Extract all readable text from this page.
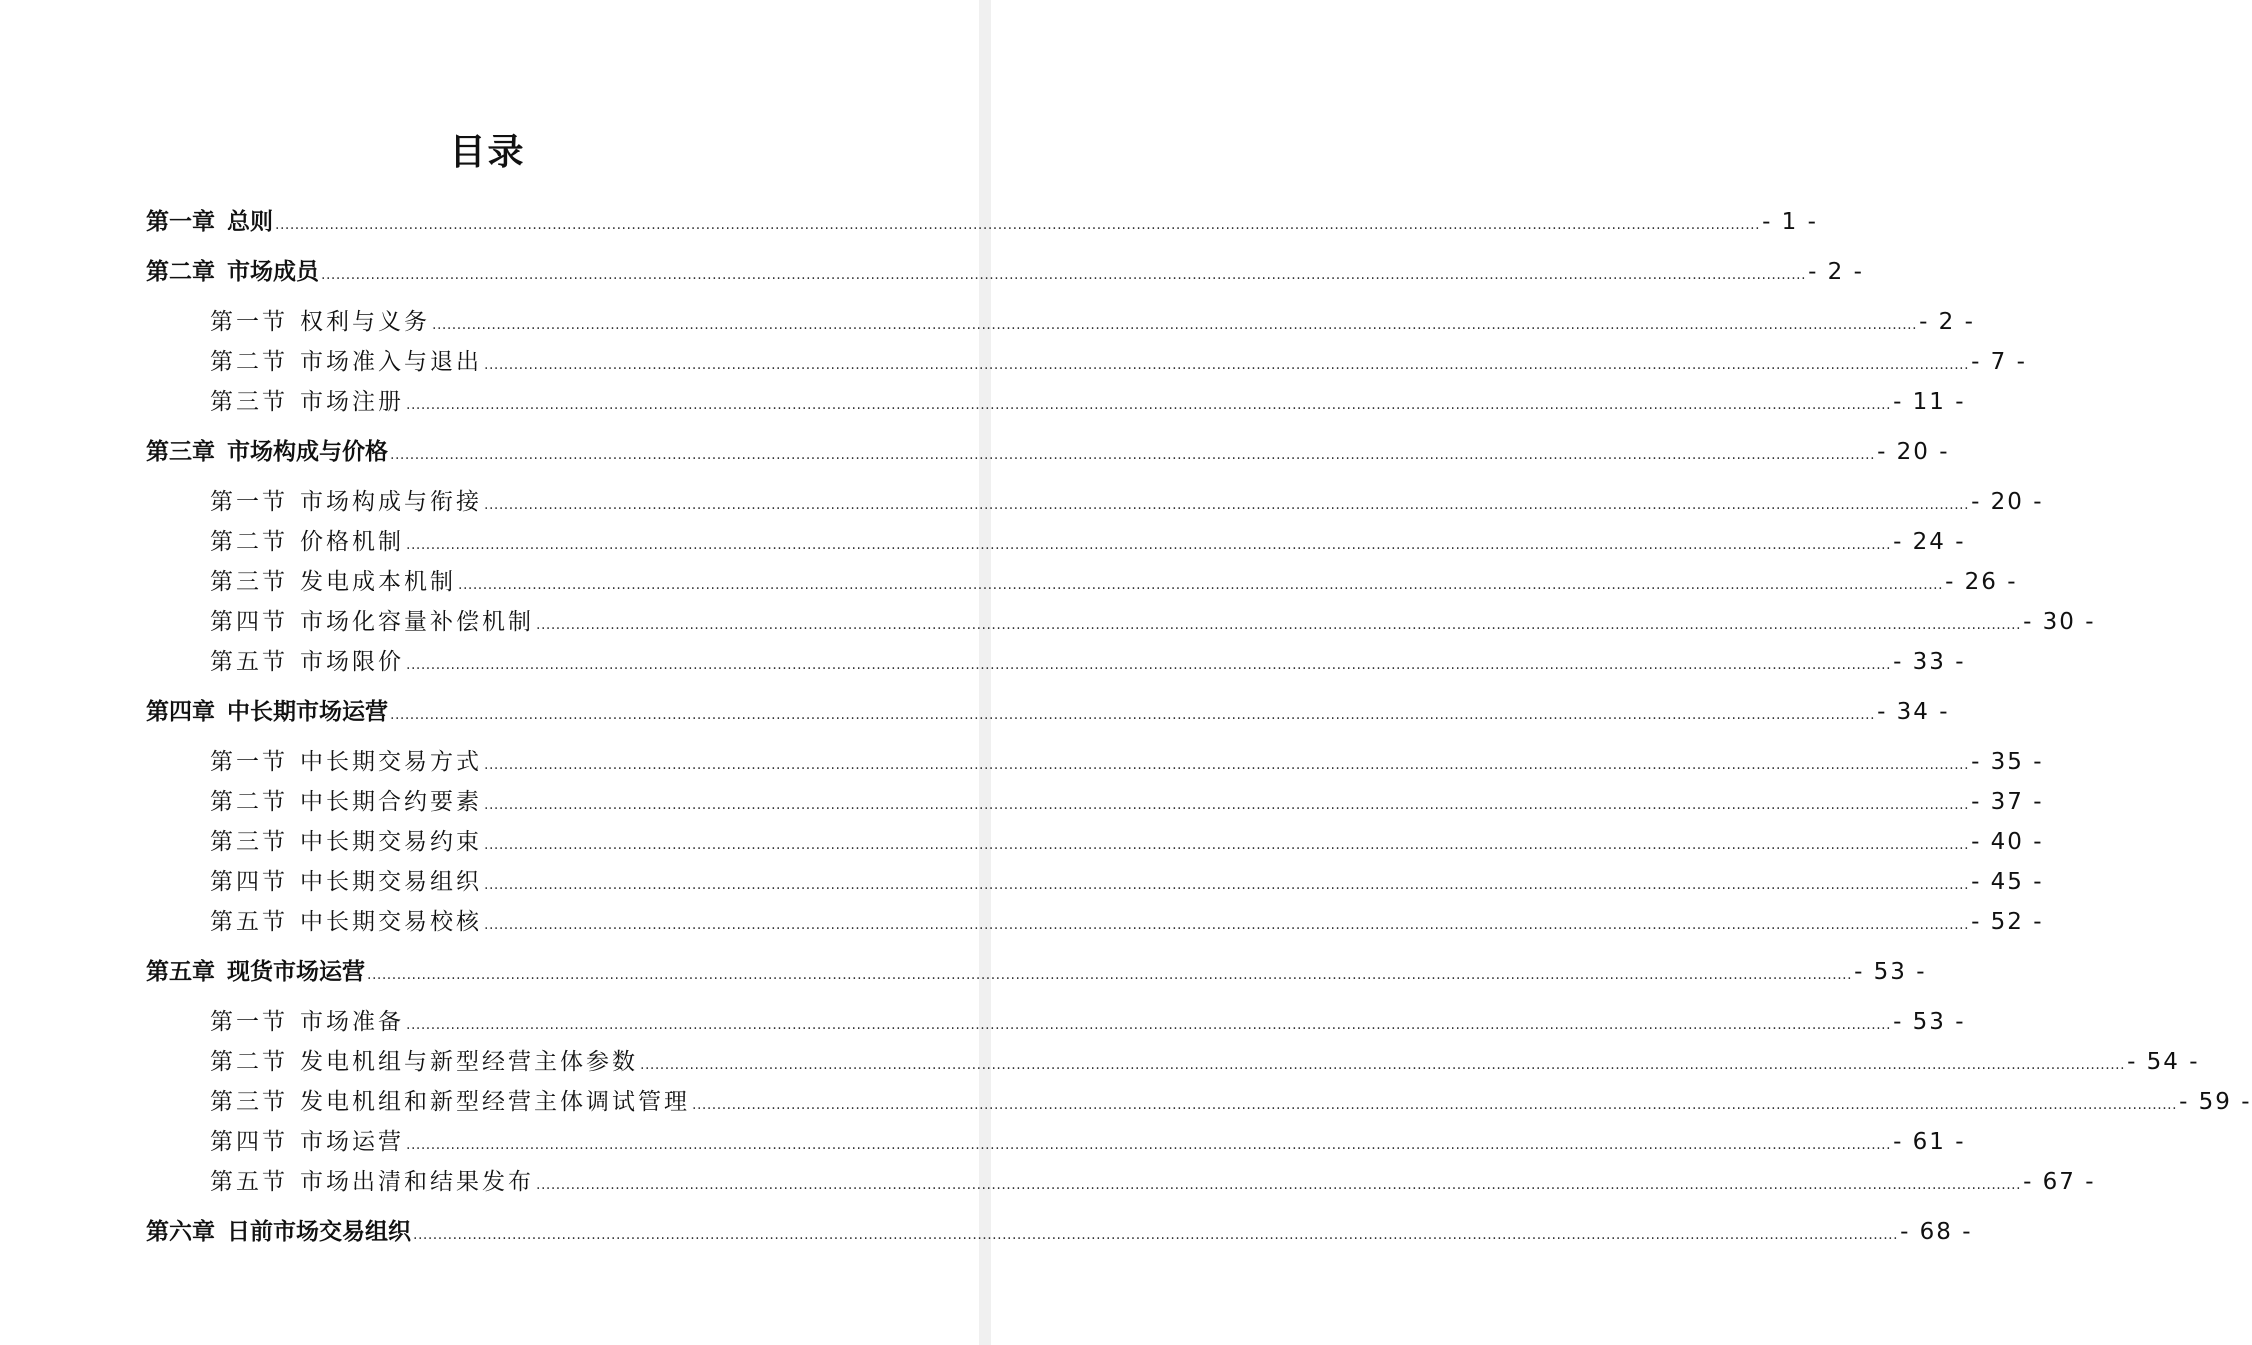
目录
第一章 总则 ............................................................................................................................................................................................................................................................................................................ - 1 -
第二章 市场成员 ............................................................................................................................................................................................................................................................................................................ - 2 -
第一节 权利与义务 ............................................................................................................................................................................................................................................................................................................ - 2 -
第二节 市场准入与退出 ............................................................................................................................................................................................................................................................................................................ - 7 -
第三节 市场注册 ............................................................................................................................................................................................................................................................................................................ - 11 -
第三章 市场构成与价格 ............................................................................................................................................................................................................................................................................................................ - 20 -
第一节 市场构成与衔接 ............................................................................................................................................................................................................................................................................................................ - 20 -
第二节 价格机制 ............................................................................................................................................................................................................................................................................................................ - 24 -
第三节 发电成本机制 ............................................................................................................................................................................................................................................................................................................ - 26 -
第四节 市场化容量补偿机制 ............................................................................................................................................................................................................................................................................................................ - 30 -
第五节 市场限价 ............................................................................................................................................................................................................................................................................................................ - 33 -
第四章 中长期市场运营 ............................................................................................................................................................................................................................................................................................................ - 34 -
第一节 中长期交易方式 ............................................................................................................................................................................................................................................................................................................ - 35 -
第二节 中长期合约要素 ............................................................................................................................................................................................................................................................................................................ - 37 -
第三节 中长期交易约束 ............................................................................................................................................................................................................................................................................................................ - 40 -
第四节 中长期交易组织 ............................................................................................................................................................................................................................................................................................................ - 45 -
第五节 中长期交易校核 ............................................................................................................................................................................................................................................................................................................ - 52 -
第五章 现货市场运营 ............................................................................................................................................................................................................................................................................................................ - 53 -
第一节 市场准备 ............................................................................................................................................................................................................................................................................................................ - 53 -
第二节 发电机组与新型经营主体参数 ............................................................................................................................................................................................................................................................................................................ - 54 -
第三节 发电机组和新型经营主体调试管理 ............................................................................................................................................................................................................................................................................................................ - 59 -
第四节 市场运营 ............................................................................................................................................................................................................................................................................................................ - 61 -
第五节 市场出清和结果发布 ............................................................................................................................................................................................................................................................................................................ - 67 -
第六章 日前市场交易组织 ............................................................................................................................................................................................................................................................................................................ - 68 -
